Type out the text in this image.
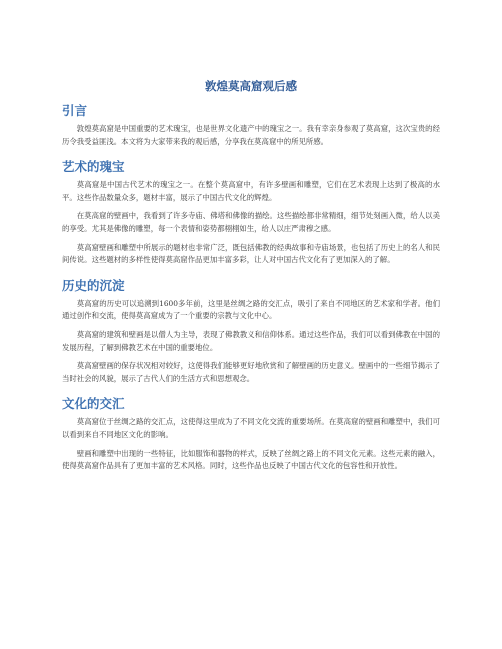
敦煌莫高窟观后感
引言

敦煌莫高窟是中国重要的艺术瑰宝，也是世界文化遗产中的瑰宝之一。我有幸亲身参观了莫高窟，这次宝贵的经历令我受益匪浅。本文将为大家带来我的观后感，分享我在莫高窟中的所见所感。

艺术的瑰宝

莫高窟是中国古代艺术的瑰宝之一。在整个莫高窟中，有许多壁画和雕塑，它们在艺术表现上达到了极高的水平。这些作品数量众多，题材丰富，展示了中国古代文化的辉煌。

在莫高窟的壁画中，我看到了许多寺庙、佛塔和佛像的描绘。这些描绘都非常精细，细节处刻画入微，给人以美的享受。尤其是佛像的雕塑，每一个表情和姿势都栩栩如生，给人以庄严肃穆之感。

莫高窟壁画和雕塑中所展示的题材也非常广泛，既包括佛教的经典故事和寺庙场景，也包括了历史上的名人和民间传说。这些题材的多样性使得莫高窟作品更加丰富多彩，让人对中国古代文化有了更加深入的了解。

历史的沉淀

莫高窟的历史可以追溯到1600多年前，这里是丝绸之路的交汇点，吸引了来自不同地区的艺术家和学者。他们通过创作和交流，使得莫高窟成为了一个重要的宗教与文化中心。

莫高窟的建筑和壁画是以僧人为主导，表现了佛教教义和信仰体系。通过这些作品，我们可以看到佛教在中国的发展历程，了解到佛教艺术在中国的重要地位。

莫高窟壁画的保存状况相对较好，这使得我们能够更好地欣赏和了解壁画的历史意义。壁画中的一些细节揭示了当时社会的风貌，展示了古代人们的生活方式和思想观念。

文化的交汇

莫高窟位于丝绸之路的交汇点，这使得这里成为了不同文化交流的重要场所。在莫高窟的壁画和雕塑中，我们可以看到来自不同地区文化的影响。

壁画和雕塑中出现的一些特征，比如服饰和器物的样式，反映了丝绸之路上的不同文化元素。这些元素的融入，使得莫高窟作品具有了更加丰富的艺术风格。同时，这些作品也反映了中国古代文化的包容性和开放性。
